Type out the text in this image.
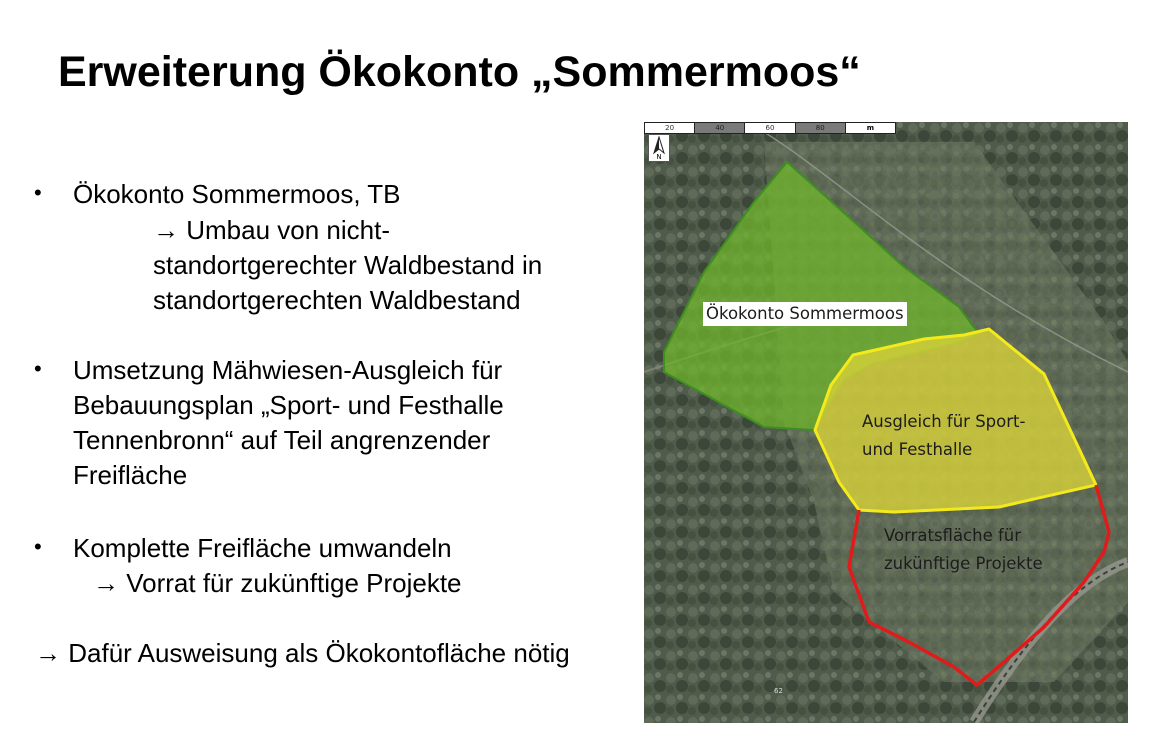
Erweiterung Ökokonto „Sommermoos“
• Ökokonto Sommermoos, TB
→ Umbau von nicht-
standortgerechter Waldbestand in
standortgerechten Waldbestand
• Umsetzung Mähwiesen-Ausgleich für
Bebauungsplan „Sport- und Festhalle
Tennenbronn“ auf Teil angrenzender
Freifläche
• Komplette Freifläche umwandeln
→ Vorrat für zukünftige Projekte
→ Dafür Ausweisung als Ökokontofläche nötig
20	40	60	80	m
N
Ökokonto Sommermoos
Ausgleich für Sport-
und Festhalle
Vorratsfläche für
zukünftige Projekte
62
